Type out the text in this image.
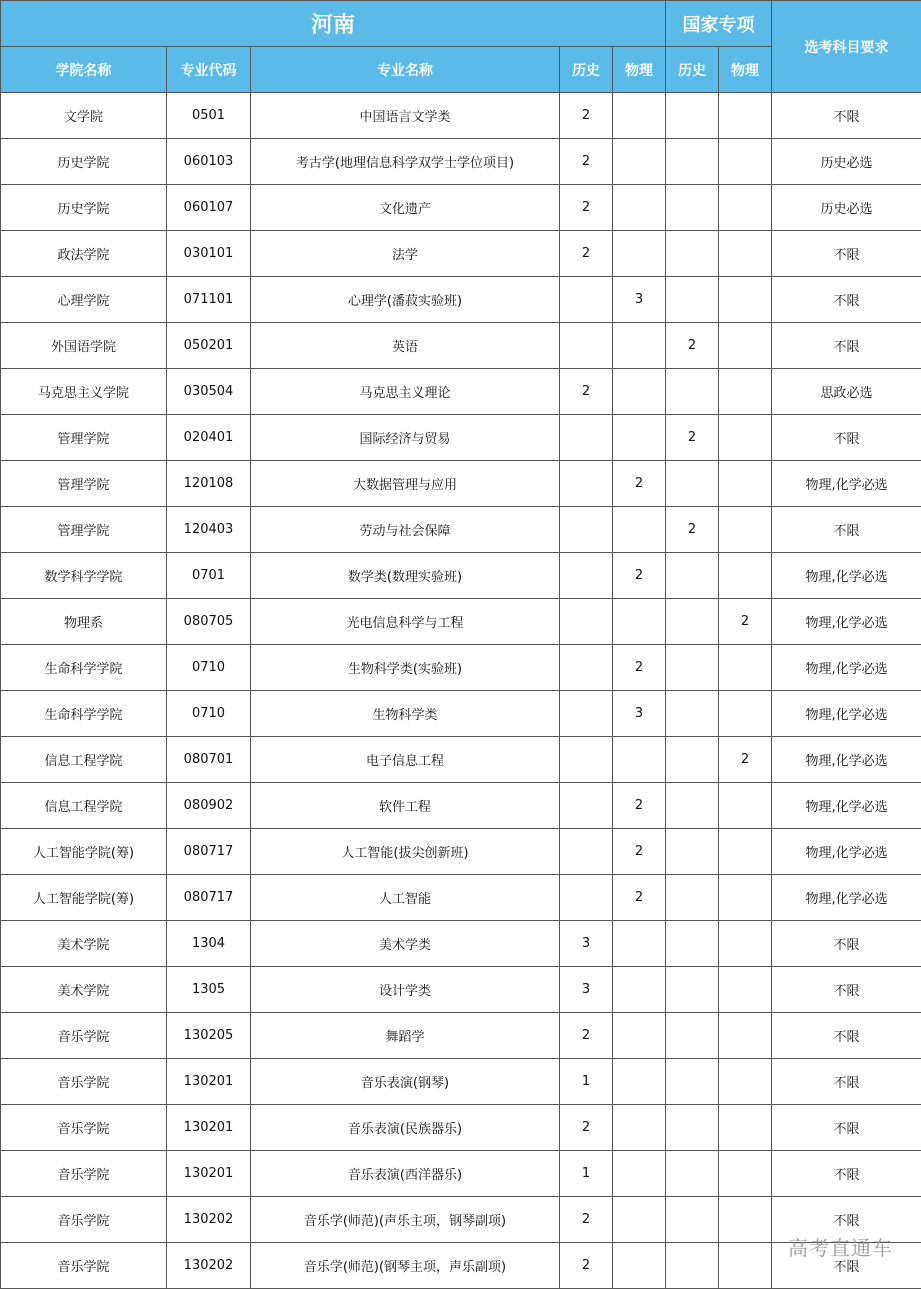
河南					国家专项		选考科目要求
学院名称	专业代码	专业名称	历史	物理	历史	物理	
文学院	0501	中国语言文学类	2				不限
历史学院	060103	考古学(地理信息科学双学士学位项目)	2				历史必选
历史学院	060107	文化遗产	2				历史必选
政法学院	030101	法学	2				不限
心理学院	071101	心理学(潘菽实验班)		3			不限
外国语学院	050201	英语			2		不限
马克思主义学院	030504	马克思主义理论	2				思政必选
管理学院	020401	国际经济与贸易			2		不限
管理学院	120108	大数据管理与应用		2			物理,化学必选
管理学院	120403	劳动与社会保障			2		不限
数学科学学院	0701	数学类(数理实验班)		2			物理,化学必选
物理系	080705	光电信息科学与工程				2	物理,化学必选
生命科学学院	0710	生物科学类(实验班)		2			物理,化学必选
生命科学学院	0710	生物科学类		3			物理,化学必选
信息工程学院	080701	电子信息工程				2	物理,化学必选
信息工程学院	080902	软件工程		2			物理,化学必选
人工智能学院(筹)	080717	人工智能(拔尖创新班)		2			物理,化学必选
人工智能学院(筹)	080717	人工智能		2			物理,化学必选
美术学院	1304	美术学类	3				不限
美术学院	1305	设计学类	3				不限
音乐学院	130205	舞蹈学	2				不限
音乐学院	130201	音乐表演(钢琴)	1				不限
音乐学院	130201	音乐表演(民族器乐)	2				不限
音乐学院	130201	音乐表演(西洋器乐)	1				不限
音乐学院	130202	音乐学(师范)(声乐主项，钢琴副项)	2				不限
音乐学院	130202	音乐学(师范)(钢琴主项，声乐副项)	2				不限
高考直通车
